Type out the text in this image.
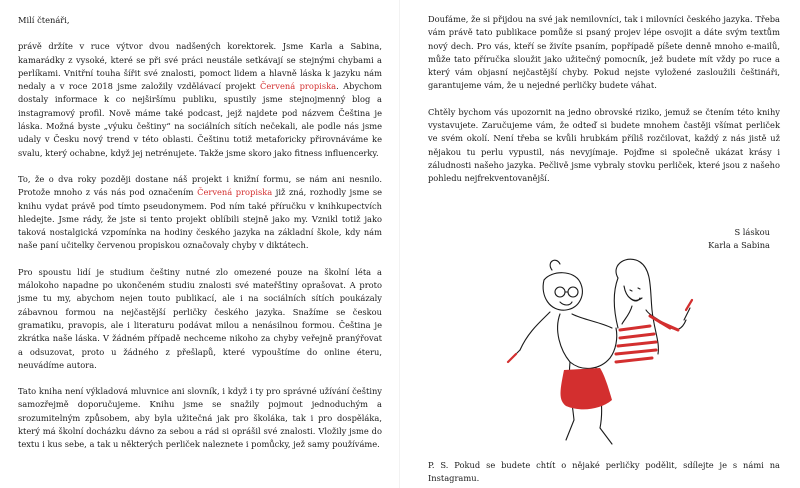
Milí čtenáři,

právě držíte v ruce výtvor dvou nadšených korektorek. Jsme Karla a Sabina, kamarádky z vysoké, které se při své práci neustále setkávají se stejnými chybami a perlíkami. Vnitřní touha šířit své znalosti, pomoct lidem a hlavně láska k jazyku nám nedaly a v roce 2018 jsme založily vzdělávací projekt Červená propiska. Abychom dostaly informace k co nejširšímu publiku, spustily jsme stejnojmenný blog a instagramový profil. Nově máme také podcast, jejž najdete pod názvem Čeština je láska. Možná byste „výuku češtiny“ na sociálních sítích nečekali, ale podle nás jsme udaly v Česku nový trend v této oblasti. Češtinu totiž metaforicky přirovnáváme ke svalu, který ochabne, když jej netrénujete. Takže jsme skoro jako fitness influencerky.

To, že o dva roky později dostane náš projekt i knižní formu, se nám ani nesnilo. Protože mnoho z vás nás pod označením Červená propiska již zná, rozhodly jsme se knihu vydat právě pod tímto pseudonymem. Pod ním také příručku v knihkupectvích hledejte. Jsme rády, že jste si tento projekt oblíbili stejně jako my. Vznikl totiž jako taková nostalgická vzpomínka na hodiny českého jazyka na základní škole, kdy nám naše paní učitelky červenou propiskou označovaly chyby v diktátech.

Pro spoustu lidí je studium češtiny nutné zlo omezené pouze na školní léta a málokoho napadne po ukončeném studiu znalosti své mateřštiny oprašovat. A proto jsme tu my, abychom nejen touto publikací, ale i na sociálních sítích poukázaly zábavnou formou na nejčastější perličky českého jazyka. Snažíme se českou gramatiku, pravopis, ale i literaturu podávat milou a nenásilnou formou. Čeština je zkrátka naše láska. V žádném případě nechceme nikoho za chyby veřejně pranýřovat a odsuzovat, proto u žádného z přešlapů, které vypouštíme do online éteru, neuvádíme autora.

Tato kniha není výkladová mluvnice ani slovník, i když i ty pro správné užívání češtiny samozřejmě doporučujeme. Knihu jsme se snažily pojmout jednoduchým a srozumitelným způsobem, aby byla užitečná jak pro školáka, tak i pro dospěláka, který má školní docházku dávno za sebou a rád si oprášil své znalosti. Vložily jsme do textu i kus sebe, a tak u některých perliček naleznete i pomůcky, jež samy používáme.

Doufáme, že si přijdou na své jak nemilovníci, tak i milovníci českého jazyka. Třeba vám právě tato publikace pomůže si psaný projev lépe osvojit a dáte svým textům nový dech. Pro vás, kteří se živíte psaním, popřípadě píšete denně mnoho e-mailů, může tato příručka sloužit jako užitečný pomocník, jež budete mít vždy po ruce a který vám objasní nejčastější chyby. Pokud nejste vyložené zasloužili češtináři, garantujeme vám, že u nejedné perličky budete váhat.

Chtěly bychom vás upozornit na jedno obrovské riziko, jemuž se čtením této knihy vystavujete. Zaručujeme vám, že odteď si budete mnohem častěji všímat perliček ve svém okolí. Není třeba se kvůli hrubkám příliš rozčilovat, každý z nás jistě už nějakou tu perlu vypustil, nás nevyjímaje. Pojďme si společně ukázat krásy i záludnosti našeho jazyka. Pečlivě jsme vybraly stovku perliček, které jsou z našeho pohledu nejfrekventovanější.

S láskou
Karla a Sabina

P. S. Pokud se budete chtít o nějaké perličky podělit, sdílejte je s námi na Instagramu.
